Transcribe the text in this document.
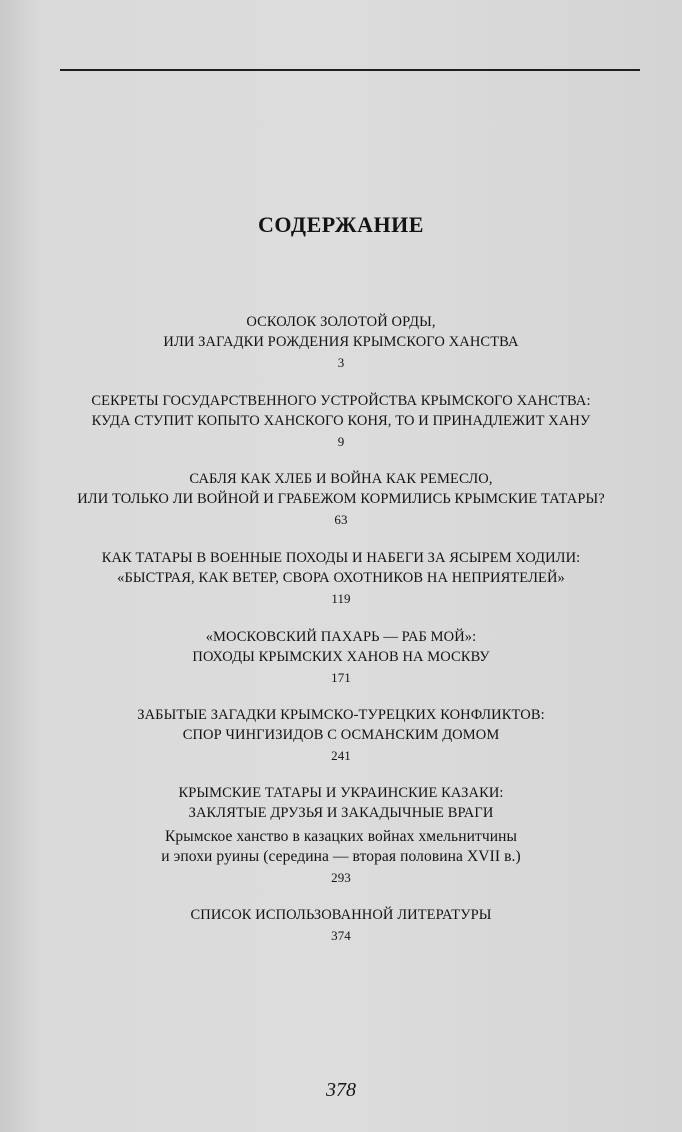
СОДЕРЖАНИЕ
ОСКОЛОК ЗОЛОТОЙ ОРДЫ,
ИЛИ ЗАГАДКИ РОЖДЕНИЯ КРЫМСКОГО ХАНСТВА
3
СЕКРЕТЫ ГОСУДАРСТВЕННОГО УСТРОЙСТВА КРЫМСКОГО ХАНСТВА:
КУДА СТУПИТ КОПЫТО ХАНСКОГО КОНЯ, ТО И ПРИНАДЛЕЖИТ ХАНУ
9
САБЛЯ КАК ХЛЕБ И ВОЙНА КАК РЕМЕСЛО,
ИЛИ ТОЛЬКО ЛИ ВОЙНОЙ И ГРАБЕЖОМ КОРМИЛИСЬ КРЫМСКИЕ ТАТАРЫ?
63
КАК ТАТАРЫ В ВОЕННЫЕ ПОХОДЫ И НАБЕГИ ЗА ЯСЫРЕМ ХОДИЛИ:
«БЫСТРАЯ, КАК ВЕТЕР, СВОРА ОХОТНИКОВ НА НЕПРИЯТЕЛЕЙ»
119
«МОСКОВСКИЙ ПАХАРЬ — РАБ МОЙ»:
ПОХОДЫ КРЫМСКИХ ХАНОВ НА МОСКВУ
171
ЗАБЫТЫЕ ЗАГАДКИ КРЫМСКО-ТУРЕЦКИХ КОНФЛИКТОВ:
СПОР ЧИНГИЗИДОВ С ОСМАНСКИМ ДОМОМ
241
КРЫМСКИЕ ТАТАРЫ И УКРАИНСКИЕ КАЗАКИ:
ЗАКЛЯТЫЕ ДРУЗЬЯ И ЗАКАДЫЧНЫЕ ВРАГИ
Крымское ханство в казацких войнах хмельнитчины
и эпохи руины (середина — вторая половина XVII в.)
293
СПИСОК ИСПОЛЬЗОВАННОЙ ЛИТЕРАТУРЫ
374
378
